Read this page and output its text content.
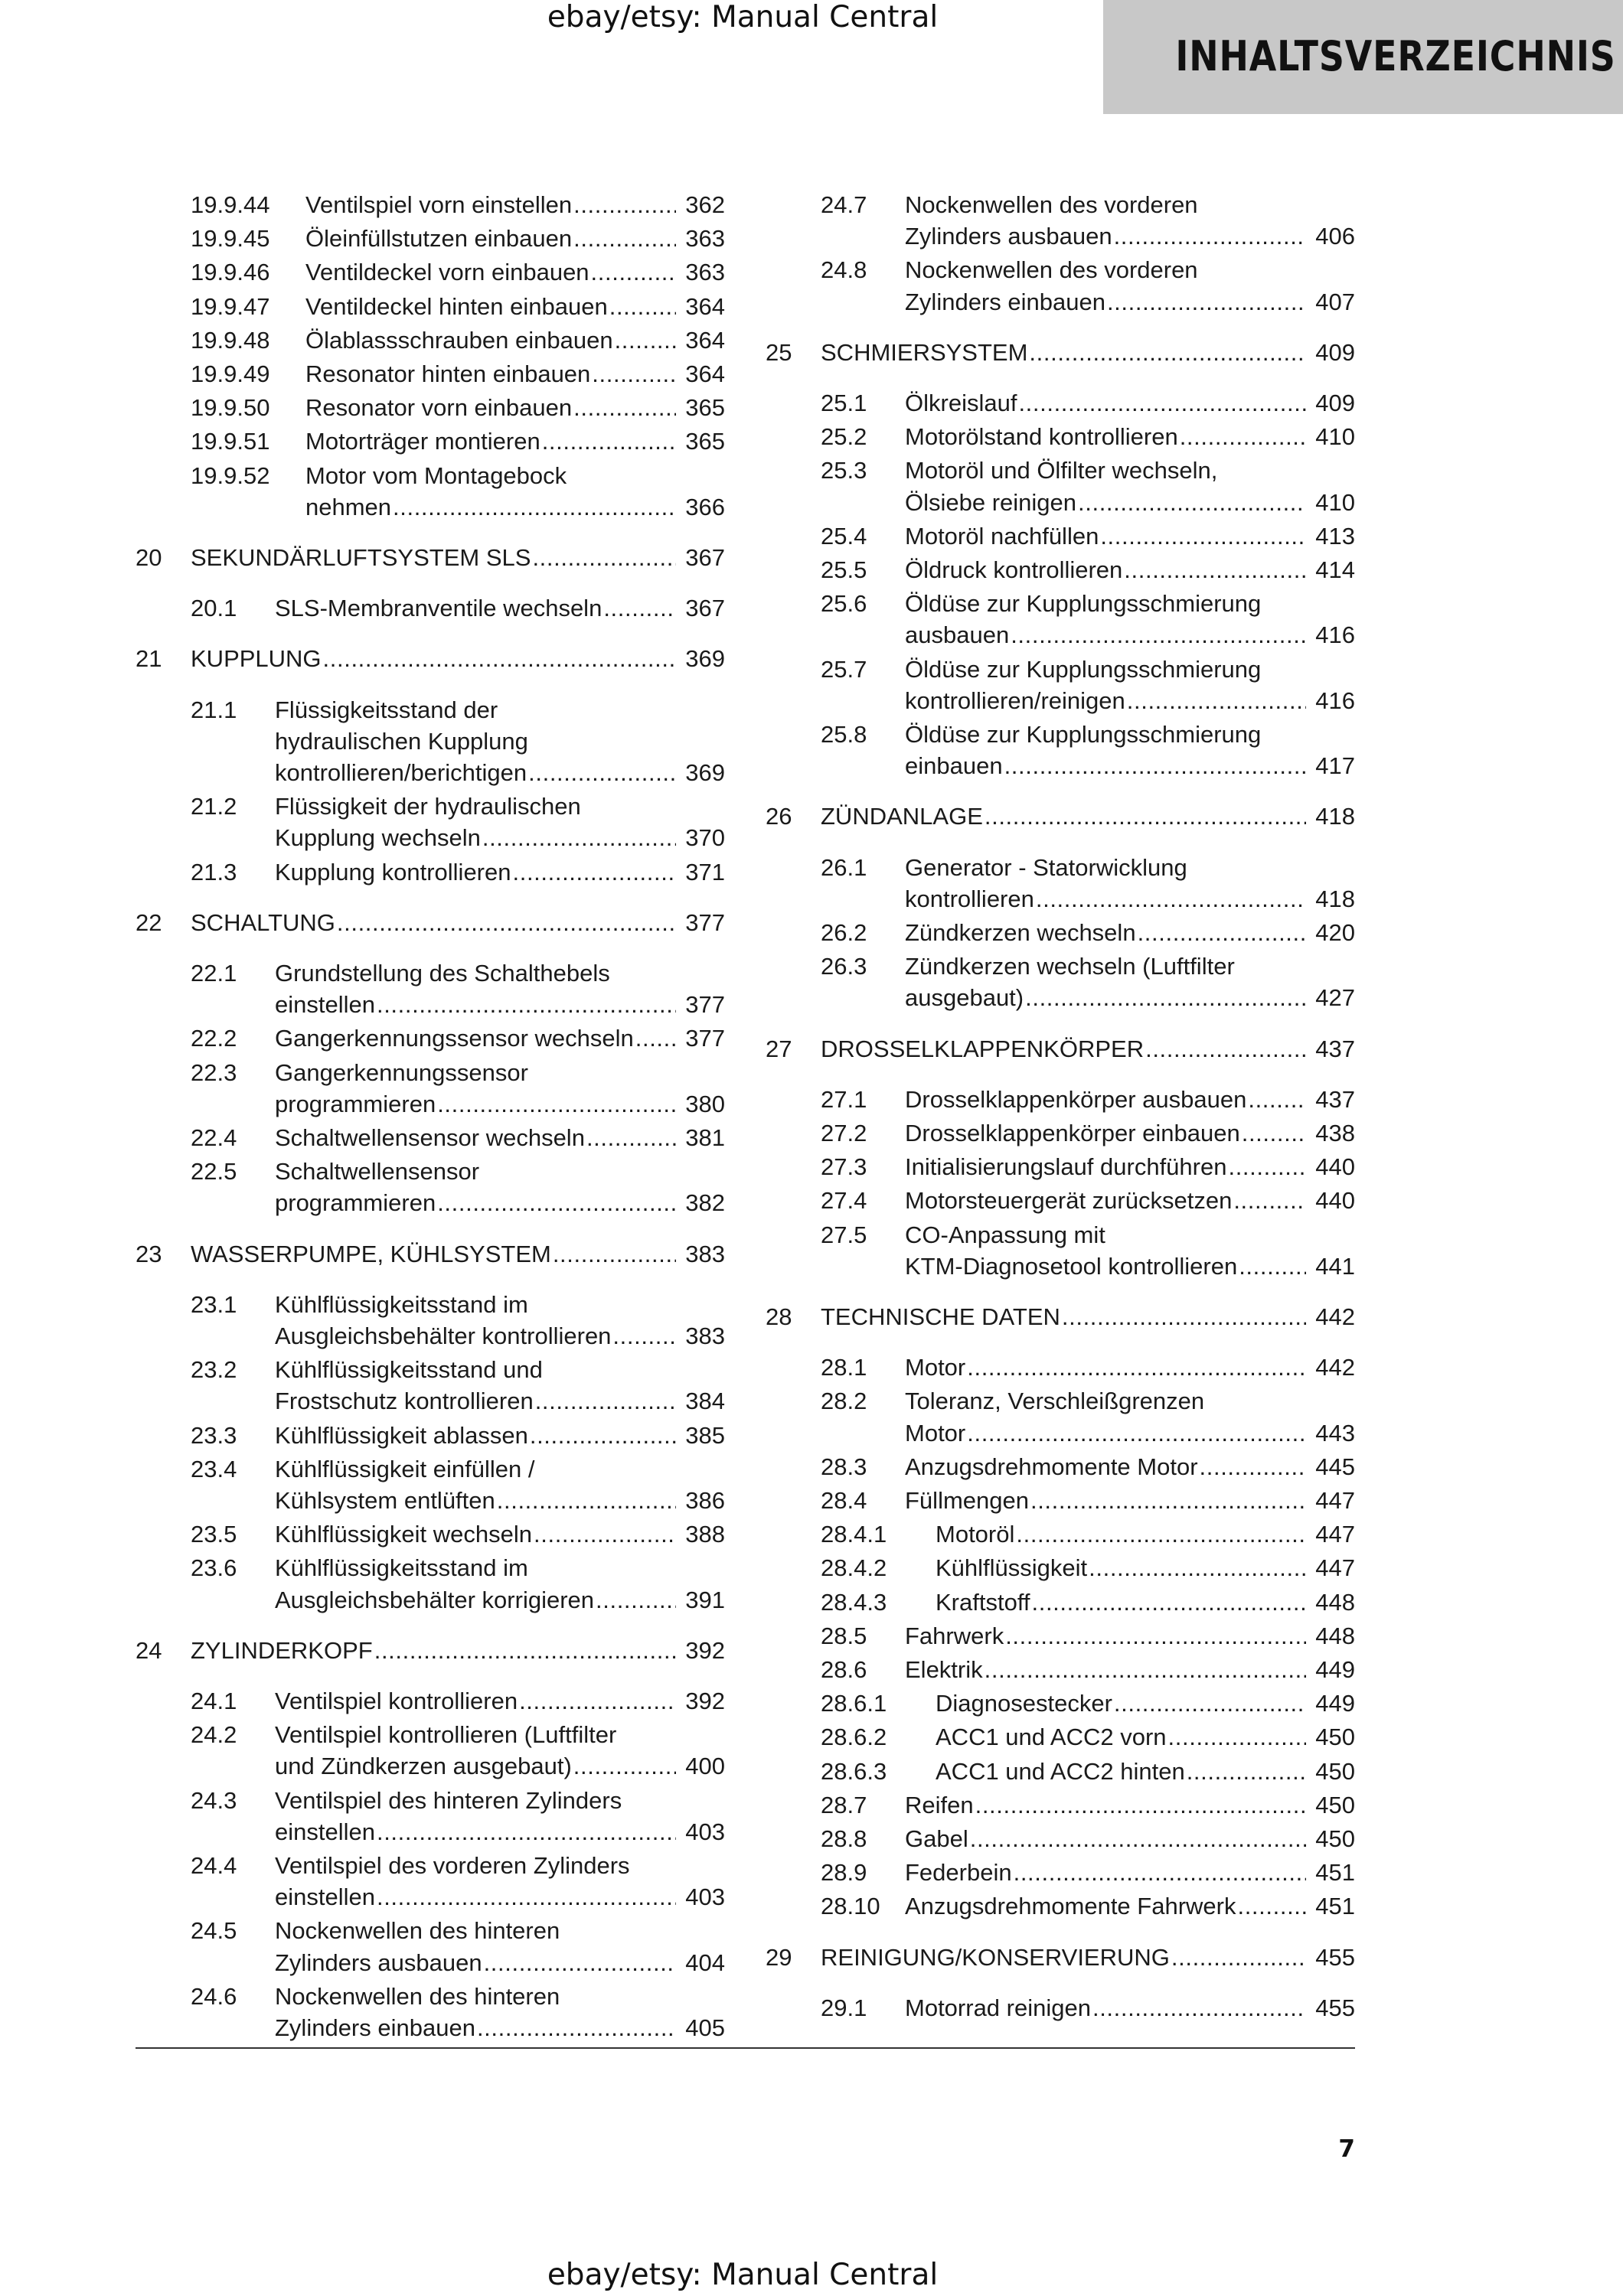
ebay/etsy: Manual Central
INHALTSVERZEICHNIS
19.9.44 Ventilspiel vorn einstellen . . .	362
19.9.45 Öleinfüllstutzen einbauen . . .	363
19.9.46 Ventildeckel vorn einbauen . . .	363
19.9.47 Ventildeckel hinten einbauen . . .	364
19.9.48 Ölablassschrauben einbauen . . .	364
19.9.49 Resonator hinten einbauen . . .	364
19.9.50 Resonator vorn einbauen . . .	365
19.9.51 Motorträger montieren . . .	365
19.9.52 Motor vom Montagebock
nehmen . . .	366
20 SEKUNDÄRLUFTSYSTEM SLS . . .	367
20.1 SLS-Membranventile wechseln . . .	367
21 KUPPLUNG . . .	369
21.1 Flüssigkeitsstand der
hydraulischen Kupplung
kontrollieren/berichtigen . . .	369
21.2 Flüssigkeit der hydraulischen
Kupplung wechseln . . .	370
21.3 Kupplung kontrollieren . . .	371
22 SCHALTUNG . . .	377
22.1 Grundstellung des Schalthebels
einstellen . . .	377
22.2 Gangerkennungssensor wechseln . . . 377
22.3 Gangerkennungssensor
programmieren . . .	380
22.4 Schaltwellensensor wechseln . . .	381
22.5 Schaltwellensensor
programmieren . . .	382
23 WASSERPUMPE, KÜHLSYSTEM . . .	383
23.1 Kühlflüssigkeitsstand im
Ausgleichsbehälter kontrollieren . . .	383
23.2 Kühlflüssigkeitsstand und
Frostschutz kontrollieren . . .	384
23.3 Kühlflüssigkeit ablassen . . .	385
23.4 Kühlflüssigkeit einfüllen /
Kühlsystem entlüften . . .	386
23.5 Kühlflüssigkeit wechseln . . .	388
23.6 Kühlflüssigkeitsstand im
Ausgleichsbehälter korrigieren . . .	391
24 ZYLINDERKOPF . . .	392
24.1 Ventilspiel kontrollieren . . .	392
24.2 Ventilspiel kontrollieren (Luftfilter
und Zündkerzen ausgebaut) . . .	400
24.3 Ventilspiel des hinteren Zylinders
einstellen . . .	403
24.4 Ventilspiel des vorderen Zylinders
einstellen . . .	403
24.5 Nockenwellen des hinteren
Zylinders ausbauen . . .	404
24.6 Nockenwellen des hinteren
Zylinders einbauen . . .	405
24.7 Nockenwellen des vorderen
Zylinders ausbauen . . .	406
24.8 Nockenwellen des vorderen
Zylinders einbauen . . .	407
25 SCHMIERSYSTEM . . .	409
25.1 Ölkreislauf . . .	409
25.2 Motorölstand kontrollieren . . .	410
25.3 Motoröl und Ölfilter wechseln,
Ölsiebe reinigen . . .	410
25.4 Motoröl nachfüllen . . .	413
25.5 Öldruck kontrollieren . . .	414
25.6 Öldüse zur Kupplungsschmierung
ausbauen . . .	416
25.7 Öldüse zur Kupplungsschmierung
kontrollieren/reinigen . . .	416
25.8 Öldüse zur Kupplungsschmierung
einbauen . . .	417
26 ZÜNDANLAGE . . .	418
26.1 Generator - Statorwicklung
kontrollieren . . .	418
26.2 Zündkerzen wechseln . . .	420
26.3 Zündkerzen wechseln (Luftfilter
ausgebaut) . . .	427
27 DROSSELKLAPPENKÖRPER . . .	437
27.1 Drosselklappenkörper ausbauen . . .	437
27.2 Drosselklappenkörper einbauen . . .	438
27.3 Initialisierungslauf durchführen . . .	440
27.4 Motorsteuergerät zurücksetzen . . .	440
27.5 CO-Anpassung mit
KTM-Diagnosetool kontrollieren . . .	441
28 TECHNISCHE DATEN . . .	442
28.1 Motor . . .	442
28.2 Toleranz, Verschleißgrenzen
Motor . . .	443
28.3 Anzugsdrehmomente Motor . . .	445
28.4 Füllmengen . . .	447
28.4.1 Motoröl . . .	447
28.4.2 Kühlflüssigkeit . . .	447
28.4.3 Kraftstoff . . .	448
28.5 Fahrwerk . . .	448
28.6 Elektrik . . .	449
28.6.1 Diagnosestecker . . .	449
28.6.2 ACC1 und ACC2 vorn . . .	450
28.6.3 ACC1 und ACC2 hinten . . .	450
28.7 Reifen . . .	450
28.8 Gabel . . .	450
28.9 Federbein . . .	451
28.10 Anzugsdrehmomente Fahrwerk . . .	451
29 REINIGUNG/KONSERVIERUNG . . .	455
29.1 Motorrad reinigen . . .	455
7
ebay/etsy: Manual Central
